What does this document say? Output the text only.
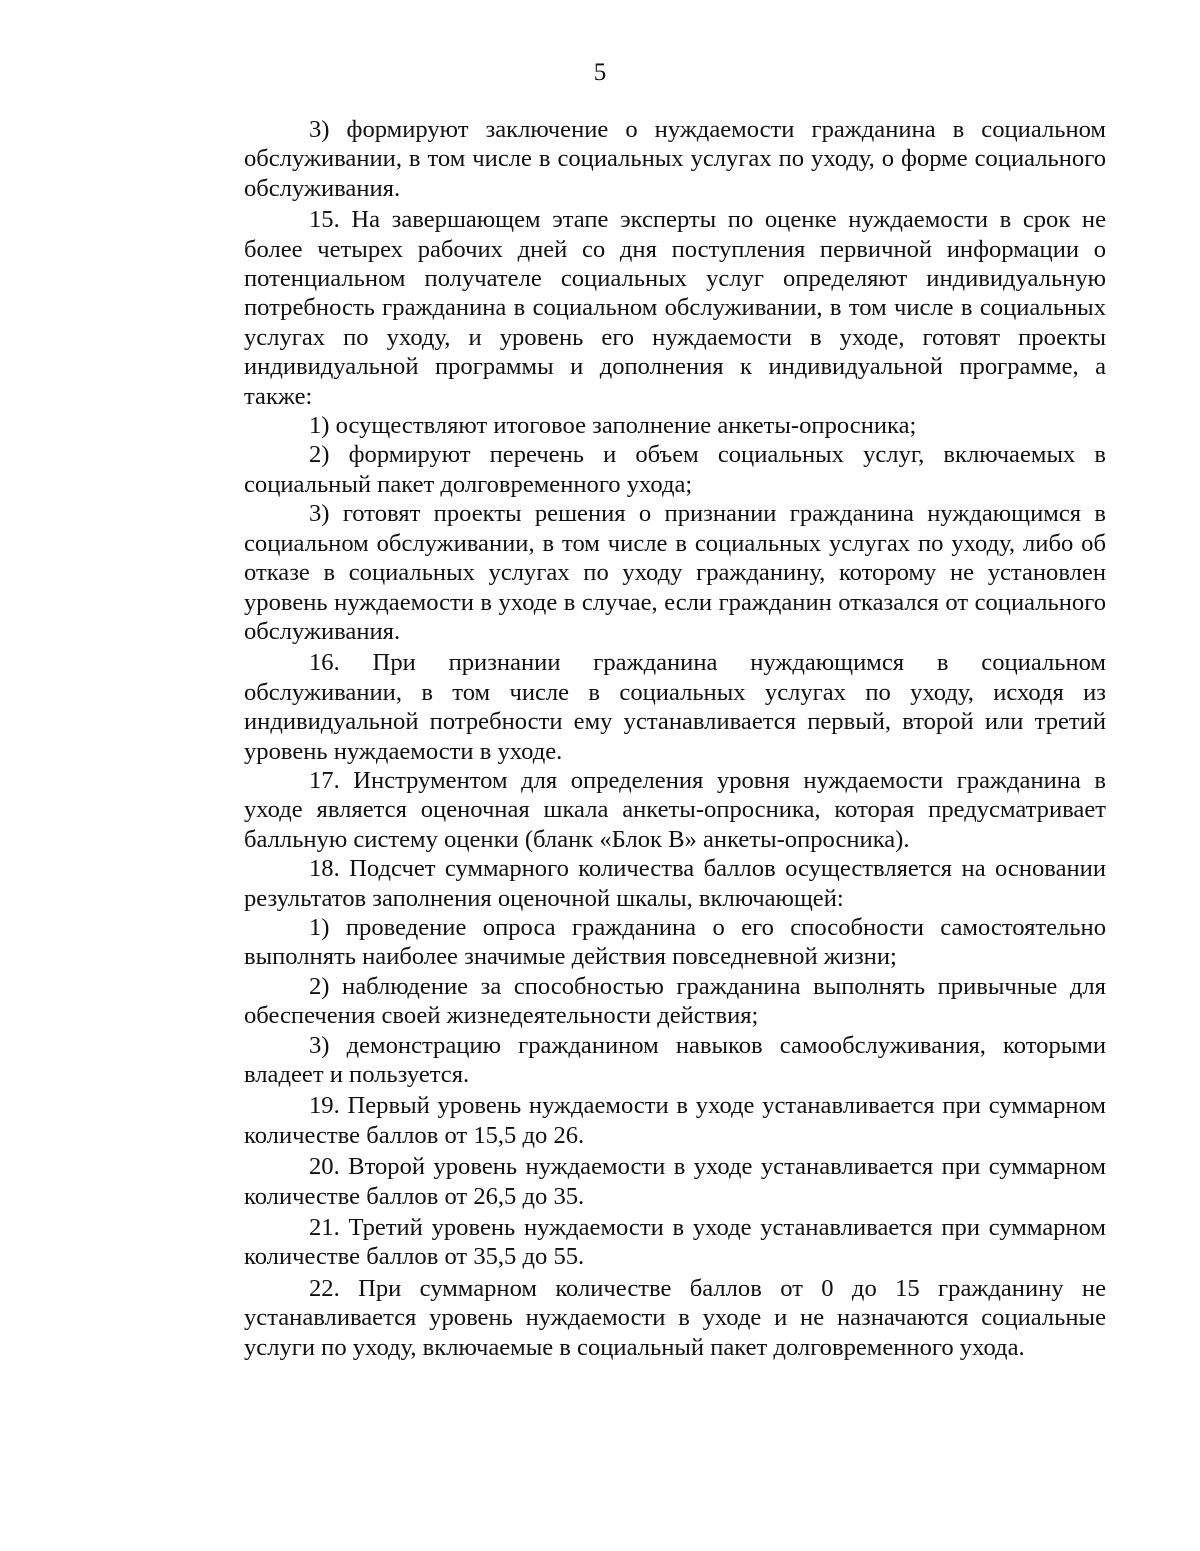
5

3) формируют заключение о нуждаемости гражданина в социальном обслуживании, в том числе в социальных услугах по уходу, о форме социального обслуживания.

15. На завершающем этапе эксперты по оценке нуждаемости в срок не более четырех рабочих дней со дня поступления первичной информации о потенциальном получателе социальных услуг определяют индивидуальную потребность гражданина в социальном обслуживании, в том числе в социальных услугах по уходу, и уровень его нуждаемости в уходе, готовят проекты индивидуальной программы и дополнения к индивидуальной программе, а также:

1) осуществляют итоговое заполнение анкеты-опросника;

2) формируют перечень и объем социальных услуг, включаемых в социальный пакет долговременного ухода;

3) готовят проекты решения о признании гражданина нуждающимся в социальном обслуживании, в том числе в социальных услугах по уходу, либо об отказе в социальных услугах по уходу гражданину, которому не установлен уровень нуждаемости в уходе в случае, если гражданин отказался от социального обслуживания.

16. При признании гражданина нуждающимся в социальном обслуживании, в том числе в социальных услугах по уходу, исходя из индивидуальной потребности ему устанавливается первый, второй или третий уровень нуждаемости в уходе.

17. Инструментом для определения уровня нуждаемости гражданина в уходе является оценочная шкала анкеты-опросника, которая предусматривает балльную систему оценки (бланк «Блок В» анкеты-опросника).

18. Подсчет суммарного количества баллов осуществляется на основании результатов заполнения оценочной шкалы, включающей:

1) проведение опроса гражданина о его способности самостоятельно выполнять наиболее значимые действия повседневной жизни;

2) наблюдение за способностью гражданина выполнять привычные для обеспечения своей жизнедеятельности действия;

3) демонстрацию гражданином навыков самообслуживания, которыми владеет и пользуется.

19. Первый уровень нуждаемости в уходе устанавливается при суммарном количестве баллов от 15,5 до 26.

20. Второй уровень нуждаемости в уходе устанавливается при суммарном количестве баллов от 26,5 до 35.

21. Третий уровень нуждаемости в уходе устанавливается при суммарном количестве баллов от 35,5 до 55.

22. При суммарном количестве баллов от 0 до 15 гражданину не устанавливается уровень нуждаемости в уходе и не назначаются социальные услуги по уходу, включаемые в социальный пакет долговременного ухода.
